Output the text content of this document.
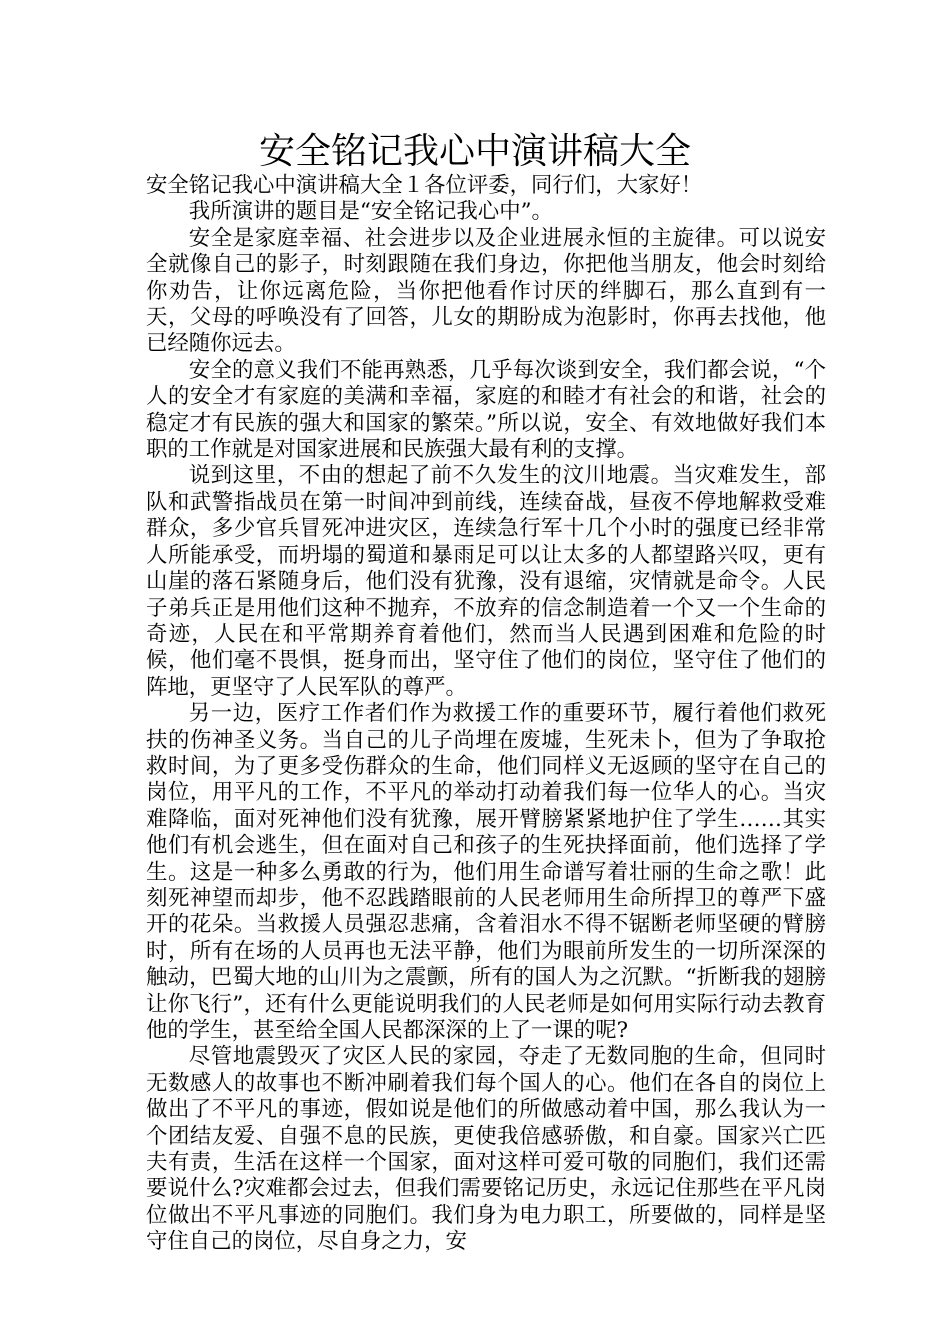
安全铭记我心中演讲稿大全

安全铭记我心中演讲稿大全１各位评委，同行们，大家好！

我所演讲的题目是“安全铭记我心中”。

安全是家庭幸福、社会进步以及企业进展永恒的主旋律。可以说安全就像自己的影子，时刻跟随在我们身边，你把他当朋友，他会时刻给你劝告，让你远离危险，当你把他看作讨厌的绊脚石，那么直到有一天，父母的呼唤没有了回答，儿女的期盼成为泡影时，你再去找他，他已经随你远去。

安全的意义我们不能再熟悉，几乎每次谈到安全，我们都会说，“个人的安全才有家庭的美满和幸福，家庭的和睦才有社会的和谐，社会的稳定才有民族的强大和国家的繁荣。”所以说，安全、有效地做好我们本职的工作就是对国家进展和民族强大最有利的支撑。

说到这里，不由的想起了前不久发生的汶川地震。当灾难发生，部队和武警指战员在第一时间冲到前线，连续奋战，昼夜不停地解救受难群众，多少官兵冒死冲进灾区，连续急行军十几个小时的强度已经非常人所能承受，而坍塌的蜀道和暴雨足可以让太多的人都望路兴叹，更有山崖的落石紧随身后，他们没有犹豫，没有退缩，灾情就是命令。人民子弟兵正是用他们这种不抛弃，不放弃的信念制造着一个又一个生命的奇迹，人民在和平常期养育着他们，然而当人民遇到困难和危险的时候，他们毫不畏惧，挺身而出，坚守住了他们的岗位，坚守住了他们的阵地，更坚守了人民军队的尊严。

另一边，医疗工作者们作为救援工作的重要环节，履行着他们救死扶的伤神圣义务。当自己的儿子尚埋在废墟，生死未卜，但为了争取抢救时间，为了更多受伤群众的生命，他们同样义无返顾的坚守在自己的岗位，用平凡的工作，不平凡的举动打动着我们每一位华人的心。当灾难降临，面对死神他们没有犹豫，展开臂膀紧紧地护住了学生……其实他们有机会逃生，但在面对自己和孩子的生死抉择面前，他们选择了学生。这是一种多么勇敢的行为，他们用生命谱写着壮丽的生命之歌！此刻死神望而却步，他不忍践踏眼前的人民老师用生命所捍卫的尊严下盛开的花朵。当救援人员强忍悲痛，含着泪水不得不锯断老师坚硬的臂膀时，所有在场的人员再也无法平静，他们为眼前所发生的一切所深深的触动，巴蜀大地的山川为之震颤，所有的国人为之沉默。“折断我的翅膀让你飞行”，还有什么更能说明我们的人民老师是如何用实际行动去教育他的学生，甚至给全国人民都深深的上了一课的呢?

尽管地震毁灭了灾区人民的家园，夺走了无数同胞的生命，但同时无数感人的故事也不断冲刷着我们每个国人的心。他们在各自的岗位上做出了不平凡的事迹，假如说是他们的所做感动着中国，那么我认为一个团结友爱、自强不息的民族，更使我倍感骄傲，和自豪。国家兴亡匹夫有责，生活在这样一个国家，面对这样可爱可敬的同胞们，我们还需要说什么?灾难都会过去，但我们需要铭记历史，永远记住那些在平凡岗位做出不平凡事迹的同胞们。我们身为电力职工，所要做的，同样是坚守住自己的岗位，尽自身之力，安
